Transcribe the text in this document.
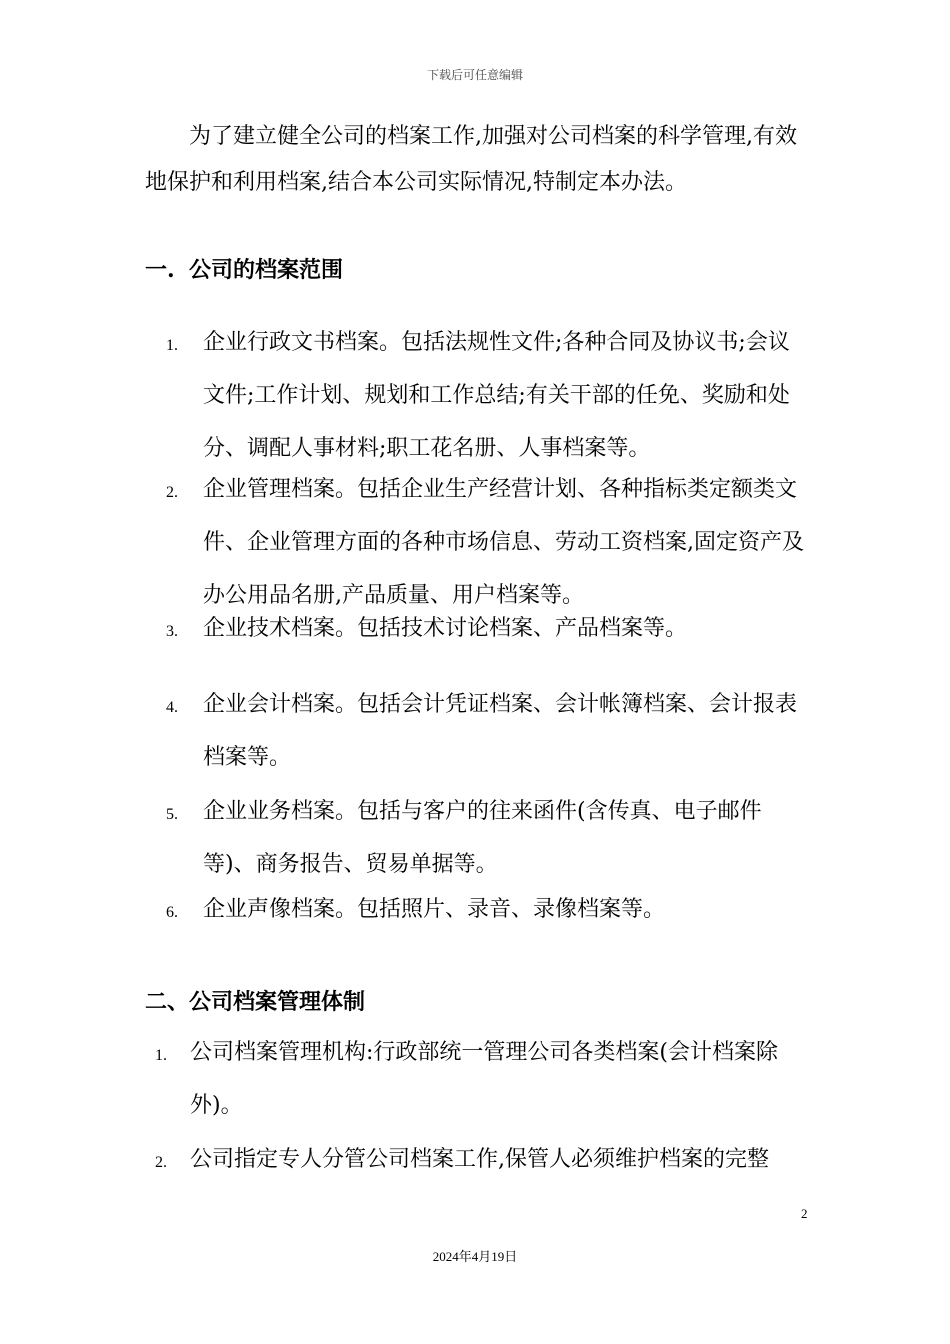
下载后可任意编辑

为了建立健全公司的档案工作,加强对公司档案的科学管理,有效地保护和利用档案,结合本公司实际情况,特制定本办法。

一. 公司的档案范围
1. 企业行政文书档案。包括法规性文件;各种合同及协议书;会议文件;工作计划、规划和工作总结;有关干部的任免、奖励和处分、调配人事材料;职工花名册、人事档案等。
2. 企业管理档案。包括企业生产经营计划、各种指标类定额类文件、企业管理方面的各种市场信息、劳动工资档案,固定资产及办公用品名册,产品质量、用户档案等。
3. 企业技术档案。包括技术讨论档案、产品档案等。
4. 企业会计档案。包括会计凭证档案、会计帐簿档案、会计报表档案等。
5. 企业业务档案。包括与客户的往来函件(含传真、电子邮件等)、商务报告、贸易单据等。
6. 企业声像档案。包括照片、录音、录像档案等。
二、公司档案管理体制
1. 公司档案管理机构:行政部统一管理公司各类档案(会计档案除外)。
2. 公司指定专人分管公司档案工作,保管人必须维护档案的完整
2
2024年4月19日
